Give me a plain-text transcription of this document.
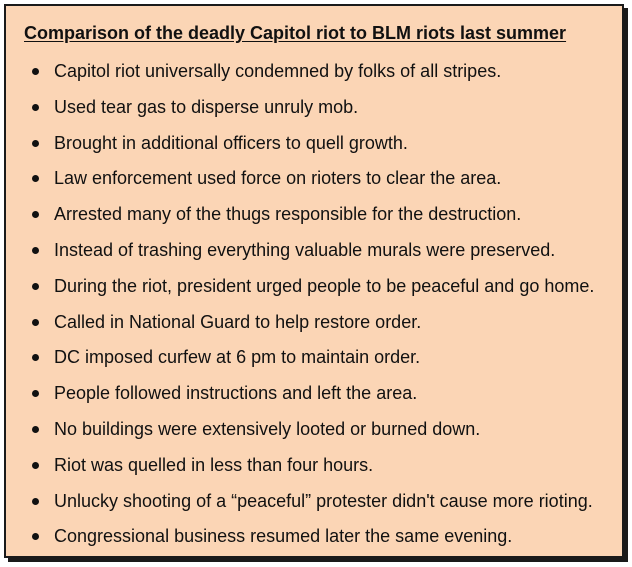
Comparison of the deadly Capitol riot to BLM riots last summer
Capitol riot universally condemned by folks of all stripes.
Used tear gas to disperse unruly mob.
Brought in additional officers to quell growth.
Law enforcement used force on rioters to clear the area.
Arrested many of the thugs responsible for the destruction.
Instead of trashing everything valuable murals were preserved.
During the riot, president urged people to be peaceful and go home.
Called in National Guard to help restore order.
DC imposed curfew at 6 pm to maintain order.
People followed instructions and left the area.
No buildings were extensively looted or burned down.
Riot was quelled in less than four hours.
Unlucky shooting of a “peaceful” protester didn't cause more rioting.
Congressional business resumed later the same evening.
